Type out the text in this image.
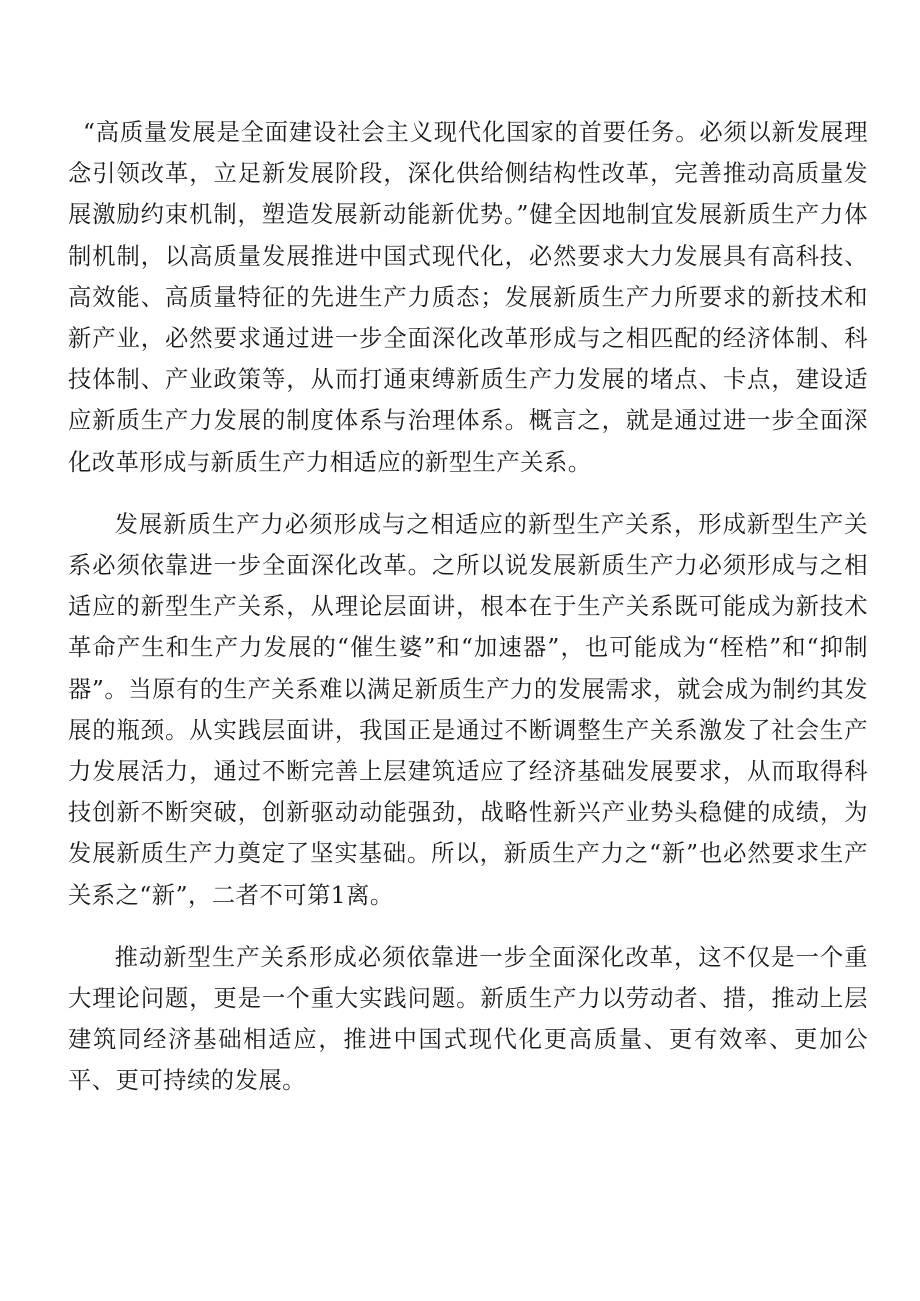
“高质量发展是全面建设社会主义现代化国家的首要任务。必须以新发展理念引领改革，立足新发展阶段，深化供给侧结构性改革，完善推动高质量发展激励约束机制，塑造发展新动能新优势。”健全因地制宜发展新质生产力体制机制，以高质量发展推进中国式现代化，必然要求大力发展具有高科技、高效能、高质量特征的先进生产力质态；发展新质生产力所要求的新技术和新产业，必然要求通过进一步全面深化改革形成与之相匹配的经济体制、科技体制、产业政策等，从而打通束缚新质生产力发展的堵点、卡点，建设适应新质生产力发展的制度体系与治理体系。概言之，就是通过进一步全面深化改革形成与新质生产力相适应的新型生产关系。

发展新质生产力必须形成与之相适应的新型生产关系，形成新型生产关系必须依靠进一步全面深化改革。之所以说发展新质生产力必须形成与之相适应的新型生产关系，从理论层面讲，根本在于生产关系既可能成为新技术革命产生和生产力发展的“催生婆”和“加速器”，也可能成为“桎梏”和“抑制器”。当原有的生产关系难以满足新质生产力的发展需求，就会成为制约其发展的瓶颈。从实践层面讲，我国正是通过不断调整生产关系激发了社会生产力发展活力，通过不断完善上层建筑适应了经济基础发展要求，从而取得科技创新不断突破，创新驱动动能强劲，战略性新兴产业势头稳健的成绩，为发展新质生产力奠定了坚实基础。所以，新质生产力之“新”也必然要求生产关系之“新”，二者不可第1离。

推动新型生产关系形成必须依靠进一步全面深化改革，这不仅是一个重大理论问题，更是一个重大实践问题。新质生产力以劳动者、措，推动上层建筑同经济基础相适应，推进中国式现代化更高质量、更有效率、更加公平、更可持续的发展。
